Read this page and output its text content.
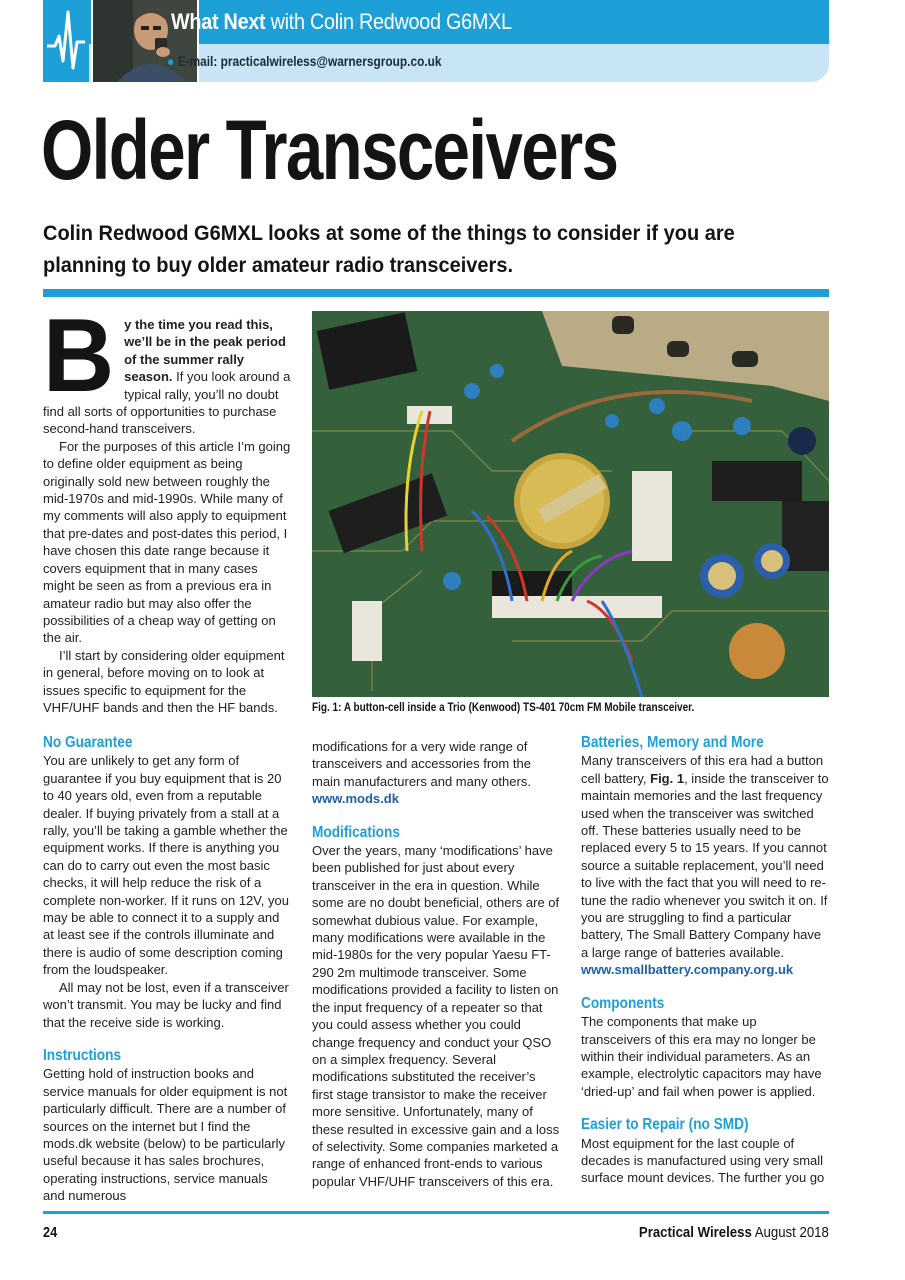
What Next with Colin Redwood G6MXL
● E-mail: practicalwireless@warnersgroup.co.uk
Older Transceivers

Colin Redwood G6MXL looks at some of the things to consider if you are planning to buy older amateur radio transceivers.

By the time you read this, we’ll be in the peak period of the summer rally season. If you look around a typical rally, you’ll no doubt find all sorts of opportunities to purchase second-hand transceivers.

For the purposes of this article I’m going to define older equipment as being originally sold new between roughly the mid-1970s and mid-1990s. While many of my comments will also apply to equipment that pre-dates and post-dates this period, I have chosen this date range because it covers equipment that in many cases might be seen as from a previous era in amateur radio but may also offer the possibilities of a cheap way of getting on the air.

I’ll start by considering older equipment in general, before moving on to look at issues specific to equipment for the VHF/UHF bands and then the HF bands.	Fig. 1: A button-cell inside a Trio (Kenwood) TS-401 70cm FM Mobile transceiver.

No Guarantee

You are unlikely to get any form of guarantee if you buy equipment that is 20 to 40 years old, even from a reputable dealer. If buying privately from a stall at a rally, you’ll be taking a gamble whether the equipment works. If there is anything you can do to carry out even the most basic checks, it will help reduce the risk of a complete non-worker. If it runs on 12V, you may be able to connect it to a supply and at least see if the controls illuminate and there is audio of some description coming from the loudspeaker.

All may not be lost, even if a transceiver won’t transmit. You may be lucky and find that the receive side is working.

Instructions

Getting hold of instruction books and service manuals for older equipment is not particularly difficult. There are a number of sources on the internet but I find the mods.dk website (below) to be particularly useful because it has sales brochures, operating instructions, service manuals and numerous

modifications for a very wide range of transceivers and accessories from the main manufacturers and many others.

www.mods.dk

Modifications

Over the years, many ‘modifications’ have been published for just about every transceiver in the era in question. While some are no doubt beneficial, others are of somewhat dubious value. For example, many modifications were available in the mid-1980s for the very popular Yaesu FT-290 2m multimode transceiver. Some modifications provided a facility to listen on the input frequency of a repeater so that you could assess whether you could change frequency and conduct your QSO on a simplex frequency. Several modifications substituted the receiver’s first stage transistor to make the receiver more sensitive. Unfortunately, many of these resulted in excessive gain and a loss of selectivity. Some companies marketed a range of enhanced front-ends to various popular VHF/UHF transceivers of this era.

Batteries, Memory and More

Many transceivers of this era had a button cell battery, Fig. 1, inside the transceiver to maintain memories and the last frequency used when the transceiver was switched off. These batteries usually need to be replaced every 5 to 15 years. If you cannot source a suitable replacement, you’ll need to live with the fact that you will need to re-tune the radio whenever you switch it on. If you are struggling to find a particular battery, The Small Battery Company have a large range of batteries available.

www.smallbattery.company.org.uk

Components

The components that make up transceivers of this era may no longer be within their individual parameters. As an example, electrolytic capacitors may have ‘dried-up’ and fail when power is applied.

Easier to Repair (no SMD)

Most equipment for the last couple of decades is manufactured using very small surface mount devices. The further you go

24	Practical Wireless August 2018
